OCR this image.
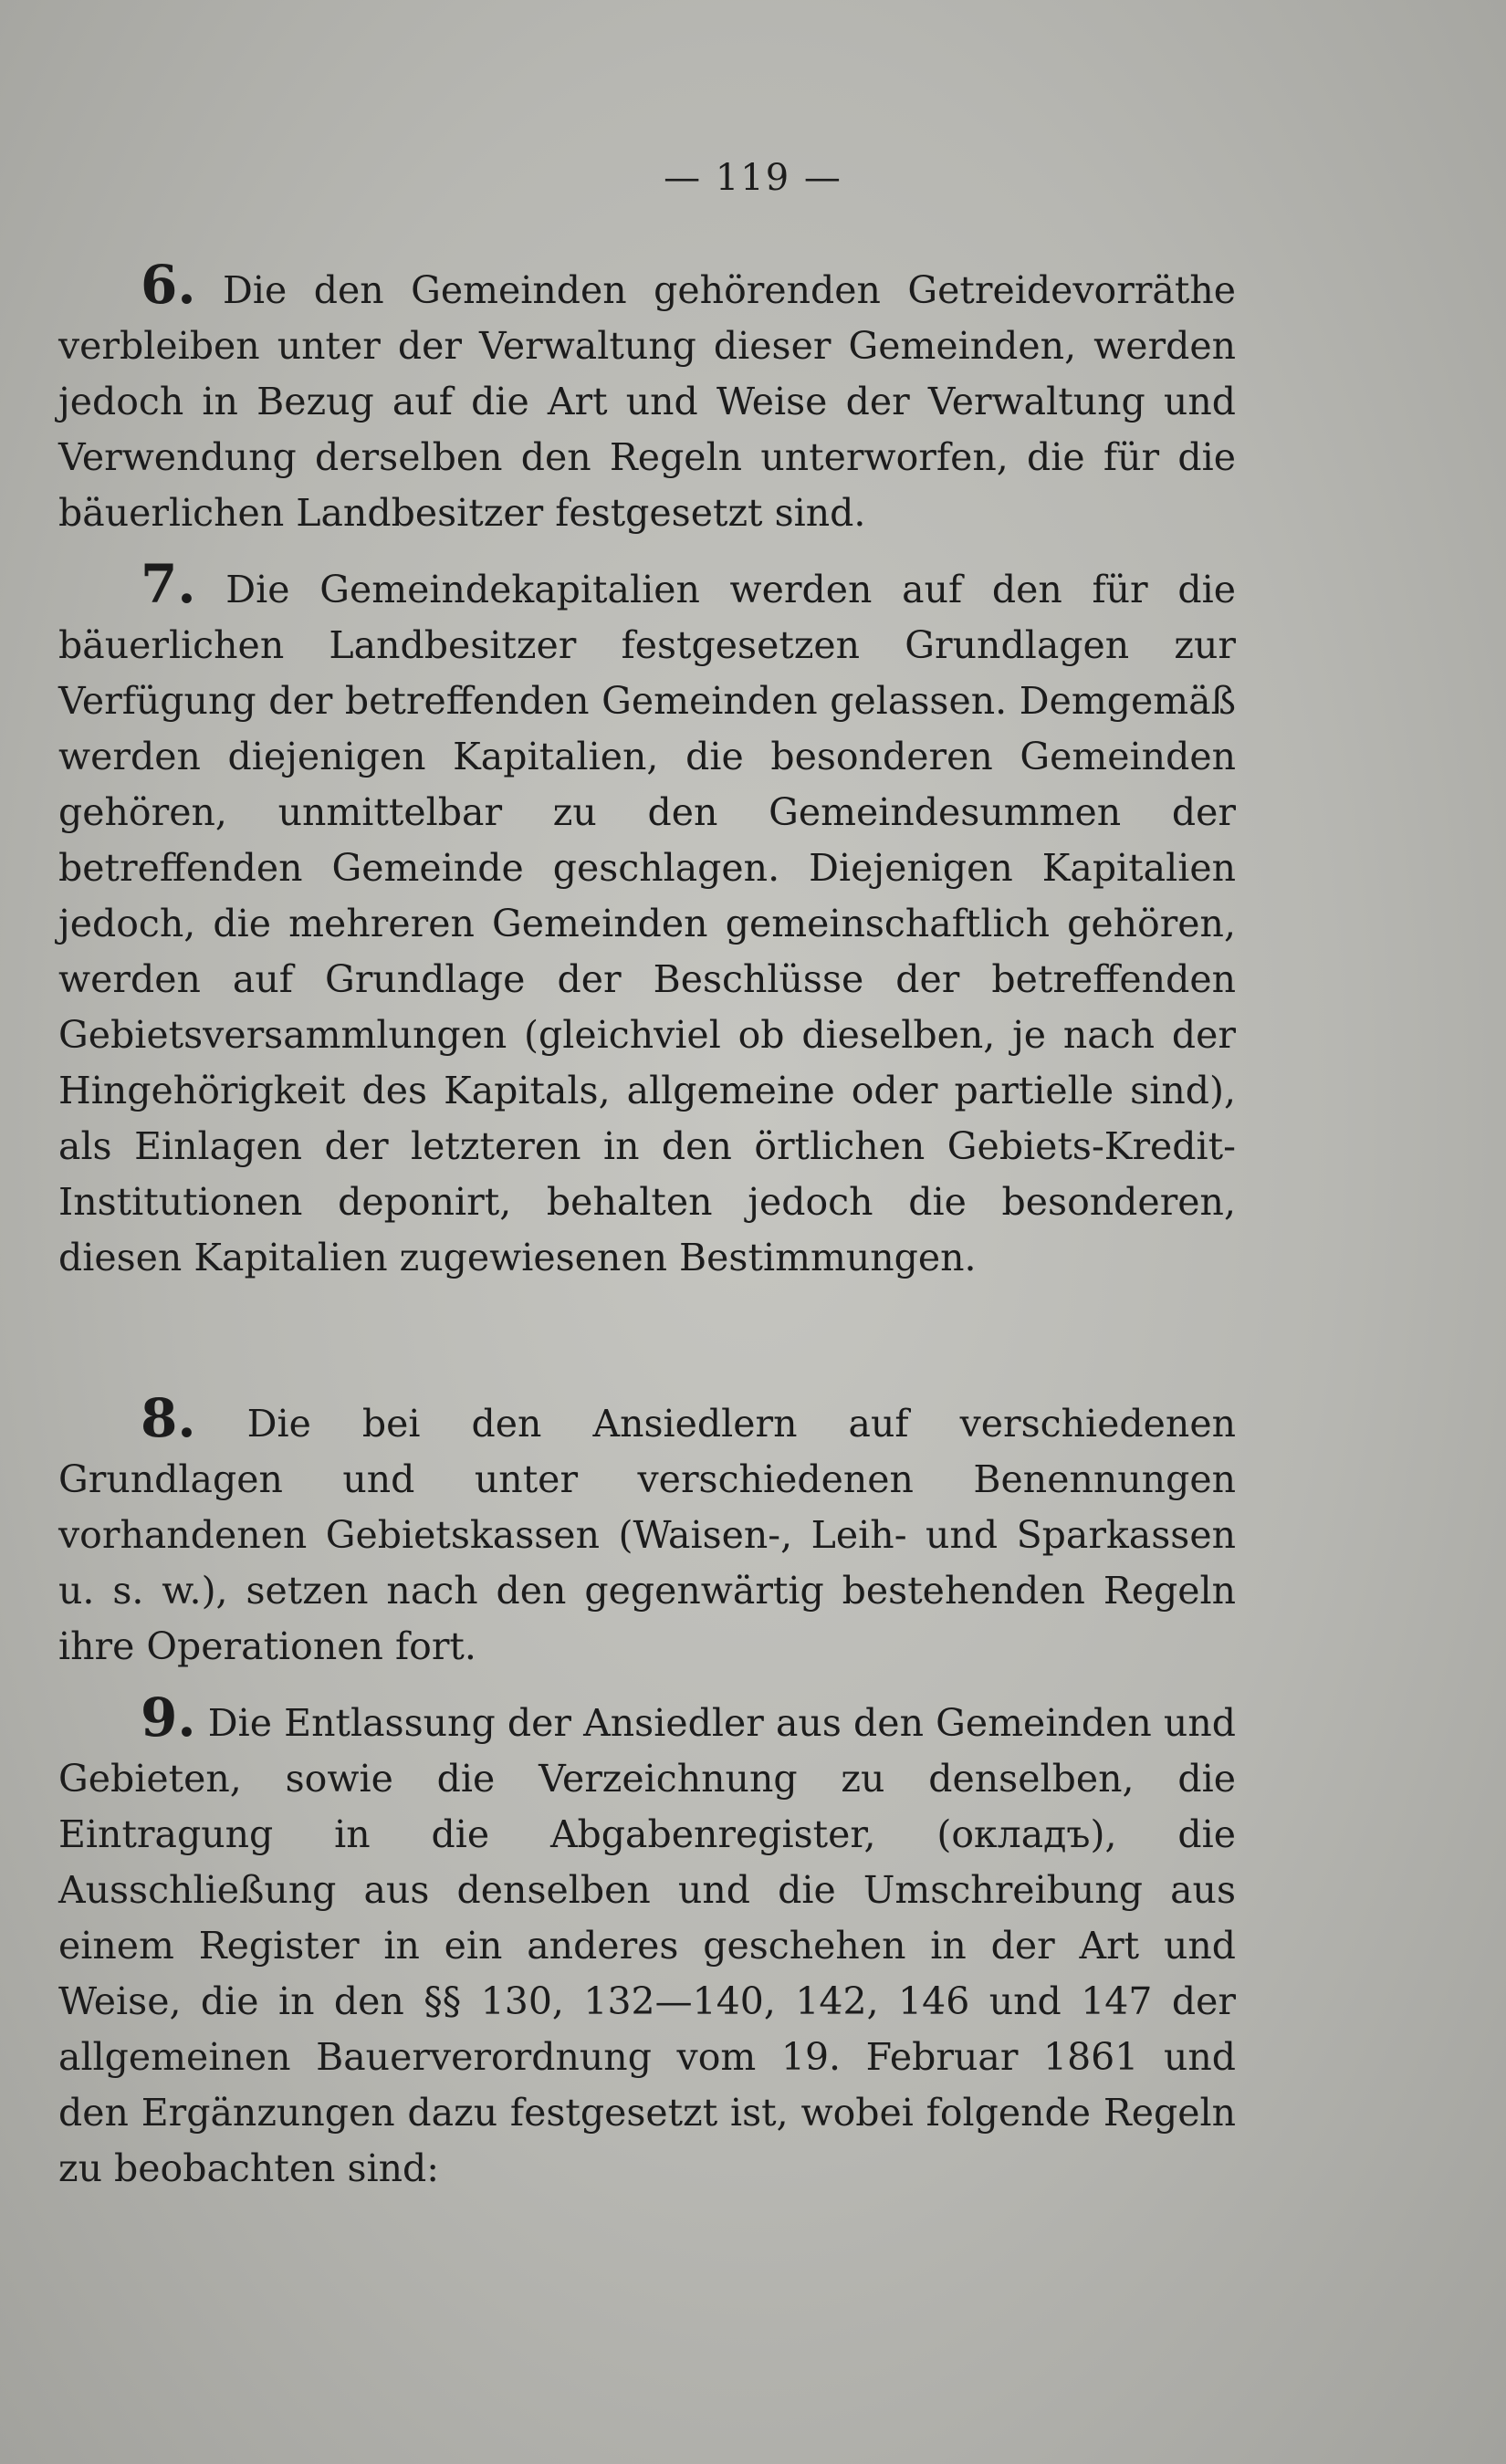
— 119 —

6. Die den Gemeinden gehörenden Getreidevorräthe verbleiben unter der Verwaltung dieser Gemeinden, werden jedoch in Bezug auf die Art und Weise der Verwaltung und Verwendung derselben den Regeln unterworfen, die für die bäuerlichen Landbesitzer festgesetzt sind.

7. Die Gemeindekapitalien werden auf den für die bäuerlichen Landbesitzer festgesetzen Grundlagen zur Verfügung der betreffenden Gemeinden gelassen. Demgemäß werden diejenigen Kapitalien, die besonderen Gemeinden gehören, unmittelbar zu den Gemeindesummen der betreffenden Gemeinde geschlagen. Diejenigen Kapitalien jedoch, die mehreren Gemeinden gemeinschaftlich gehören, werden auf Grundlage der Beschlüsse der betreffenden Gebietsversammlungen (gleichviel ob dieselben, je nach der Hingehörigkeit des Kapitals, allgemeine oder partielle sind), als Einlagen der letzteren in den örtlichen Gebiets-Kredit-Institutionen deponirt, behalten jedoch die besonderen, diesen Kapitalien zugewiesenen Bestimmungen.

8. Die bei den Ansiedlern auf verschiedenen Grundlagen und unter verschiedenen Benennungen vorhandenen Gebietskassen (Waisen-, Leih- und Sparkassen u. s. w.), setzen nach den gegenwärtig bestehenden Regeln ihre Operationen fort.

9. Die Entlassung der Ansiedler aus den Gemeinden und Gebieten, sowie die Verzeichnung zu denselben, die Eintragung in die Abgabenregister, (окладъ), die Ausschließung aus denselben und die Umschreibung aus einem Register in ein anderes geschehen in der Art und Weise, die in den §§ 130, 132—140, 142, 146 und 147 der allgemeinen Bauerverordnung vom 19. Februar 1861 und den Ergänzungen dazu festgesetzt ist, wobei folgende Regeln zu beobachten sind:
